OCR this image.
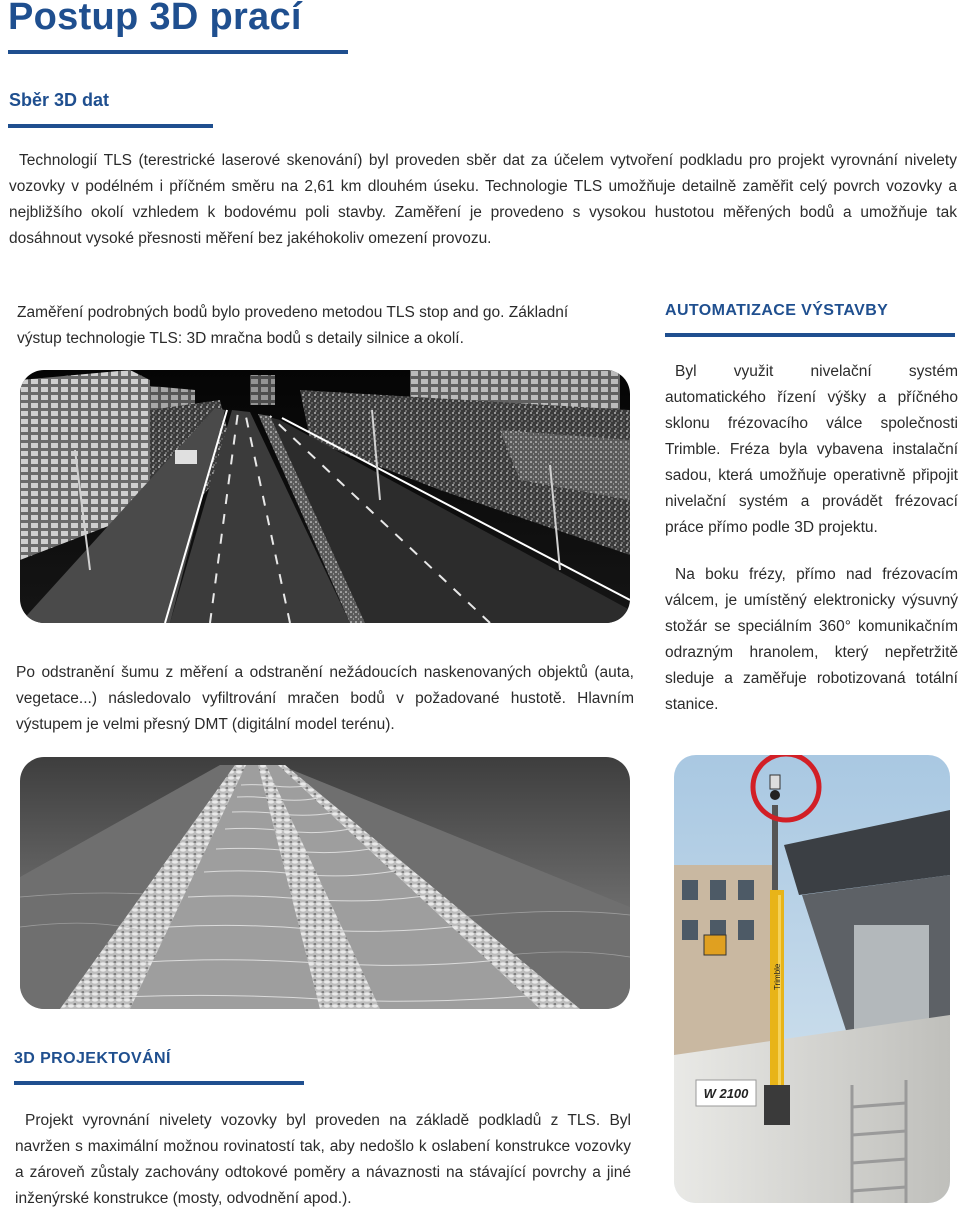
Postup 3D prací
Sběr 3D dat

Technologií TLS (terestrické laserové skenování) byl proveden sběr dat za účelem vytvoření podkladu pro projekt vyrovnání nivelety vozovky v podélném i příčném směru na 2,61 km dlouhém úseku. Technologie TLS umožňuje detailně zaměřit celý povrch vozovky a nejbližšího okolí vzhledem k bodovému poli stavby. Zaměření je provedeno s vysokou hustotou měřených bodů a umožňuje tak dosáhnout vysoké přesnosti měření bez jakéhokoliv omezení provozu.

Zaměření podrobných bodů bylo provedeno metodou TLS stop and go. Základní výstup technologie TLS: 3D mračna bodů s detaily silnice a okolí.

Po odstranění šumu z měření a odstranění nežádoucích naskenovaných objektů (auta, vegetace...) následovalo vyfiltrování mračen bodů v požadované hustotě. Hlavním výstupem je velmi přesný DMT (digitální model terénu).

3D PROJEKTOVÁNÍ

Projekt vyrovnání nivelety vozovky byl proveden na základě podkladů z TLS. Byl navržen s maximální možnou rovinatostí tak, aby nedošlo k oslabení konstrukce vozovky a zároveň zůstaly zachovány odtokové poměry a návaznosti na stávající povrchy a jiné inženýrské konstrukce (mosty, odvodnění apod.).

AUTOMATIZACE VÝSTAVBY

Byl využit nivelační systém automatického řízení výšky a příčného sklonu frézovacího válce společnosti Trimble. Fréza byla vybavena instalační sadou, která umožňuje operativně připojit nivelační systém a provádět frézovací práce přímo podle 3D projektu.

Na boku frézy, přímo nad frézovacím válcem, je umístěný elektronicky výsuvný stožár se speciálním 360° komunikačním odrazným hranolem, který nepřetržitě sleduje a zaměřuje robotizovaná totální stanice.

W 2100
Trimble
